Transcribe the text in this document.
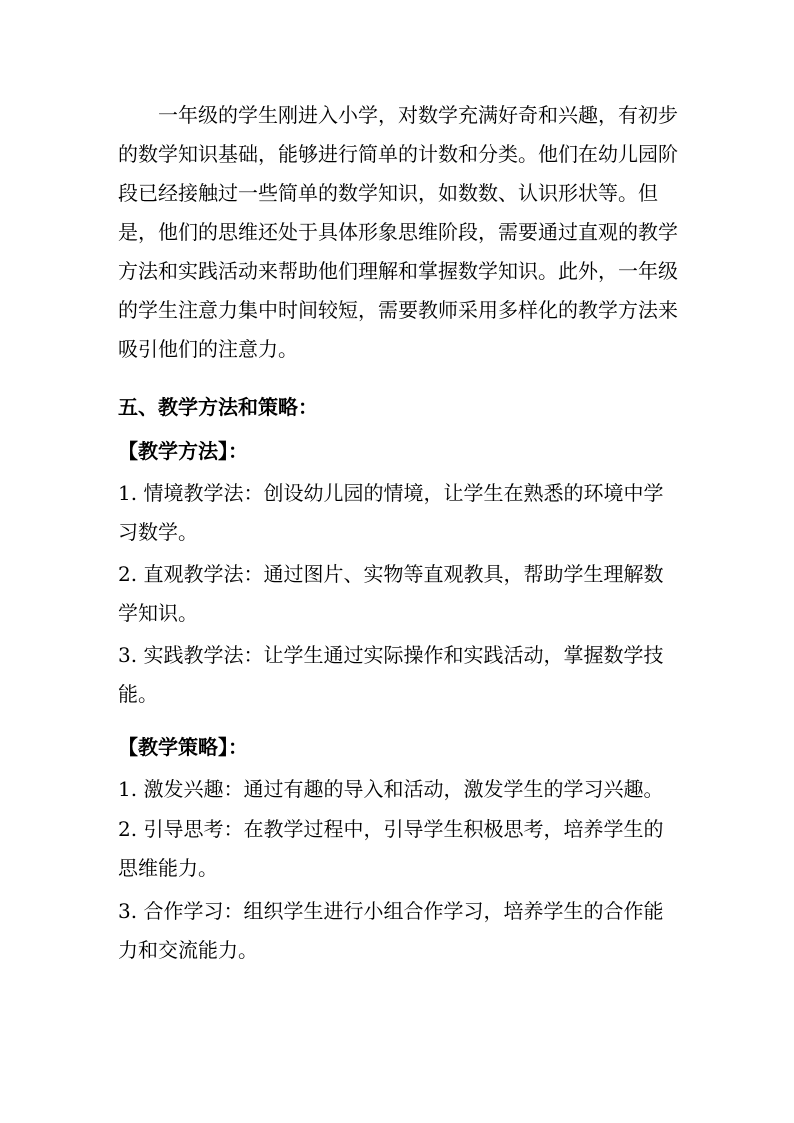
一年级的学生刚进入小学，对数学充满好奇和兴趣，有初步的数学知识基础，能够进行简单的计数和分类。他们在幼儿园阶段已经接触过一些简单的数学知识，如数数、认识形状等。但是，他们的思维还处于具体形象思维阶段，需要通过直观的教学方法和实践活动来帮助他们理解和掌握数学知识。此外，一年级的学生注意力集中时间较短，需要教师采用多样化的教学方法来吸引他们的注意力。

五、教学方法和策略：
【教学方法】：
1. 情境教学法：创设幼儿园的情境，让学生在熟悉的环境中学习数学。
2. 直观教学法：通过图片、实物等直观教具，帮助学生理解数学知识。
3. 实践教学法：让学生通过实际操作和实践活动，掌握数学技能。
【教学策略】：
1. 激发兴趣：通过有趣的导入和活动，激发学生的学习兴趣。
2. 引导思考：在教学过程中，引导学生积极思考，培养学生的思维能力。
3. 合作学习：组织学生进行小组合作学习，培养学生的合作能力和交流能力。
